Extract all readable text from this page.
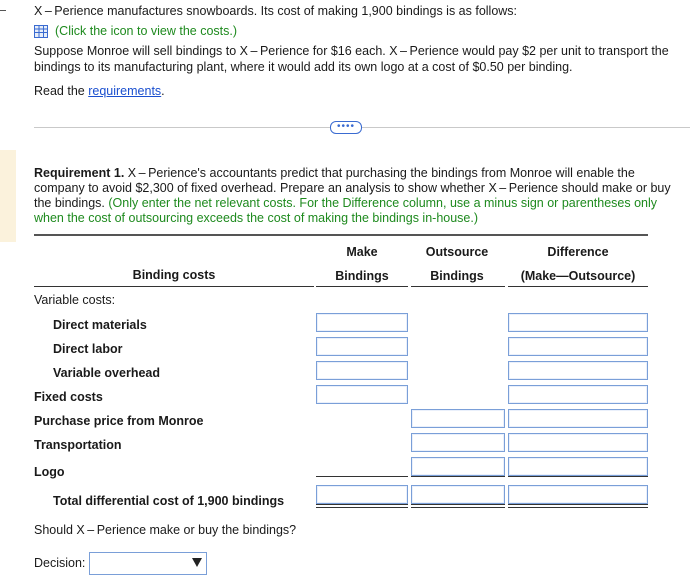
X – Perience manufactures snowboards. Its cost of making 1,900 bindings is as follows:
(Click the icon to view the costs.)
Suppose Monroe will sell bindings to X – Perience for $16 each. X – Perience would pay $2 per unit to transport the bindings to its manufacturing plant, where it would add its own logo at a cost of $0.50 per binding.
Read the requirements.
••••
Requirement 1. X – Perience's accountants predict that purchasing the bindings from Monroe will enable the company to avoid $2,300 of fixed overhead. Prepare an analysis to show whether X – Perience should make or buy the bindings. (Only enter the net relevant costs. For the Difference column, use a minus sign or parentheses only when the cost of outsourcing exceeds the cost of making the bindings in-house.)
Make
Bindings
Outsource
Bindings
Difference
(Make—Outsource)
Binding costs
Variable costs:
Direct materials
Direct labor
Variable overhead
Fixed costs
Purchase price from Monroe
Transportation
Logo
Total differential cost of 1,900 bindings
Should X – Perience make or buy the bindings?
Decision:
